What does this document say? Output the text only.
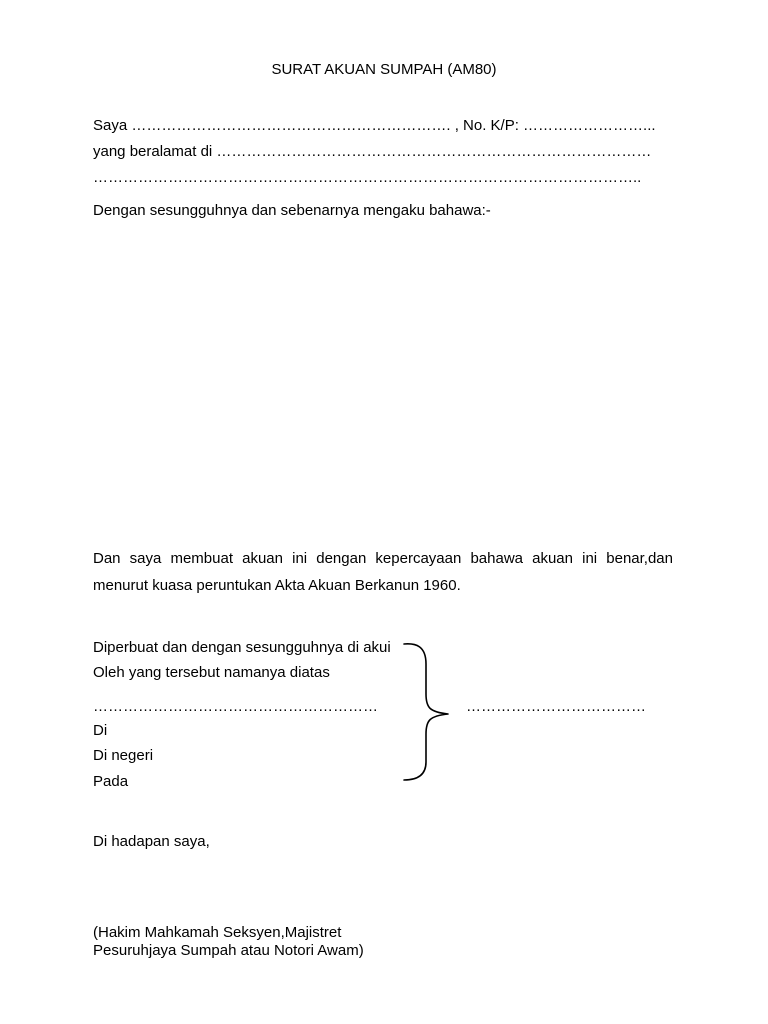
SURAT AKUAN SUMPAH (AM80)
Saya ………………………………………………………. , No. K/P: ……………………...
yang beralamat di ……………………………………………………………………………
………………………………………………………………………………………………..
Dengan sesungguhnya dan sebenarnya mengaku bahawa:-
Dan saya membuat akuan ini dengan kepercayaan bahawa akuan ini benar,dan
menurut kuasa peruntukan Akta Akuan Berkanun 1960.
Diperbuat dan dengan sesungguhnya di akui
Oleh yang tersebut namanya diatas
…………………………………………………	………………………………
Di
Di negeri
Pada
Di hadapan saya,
(Hakim Mahkamah Seksyen,Majistret
Pesuruhjaya Sumpah atau Notori Awam)
